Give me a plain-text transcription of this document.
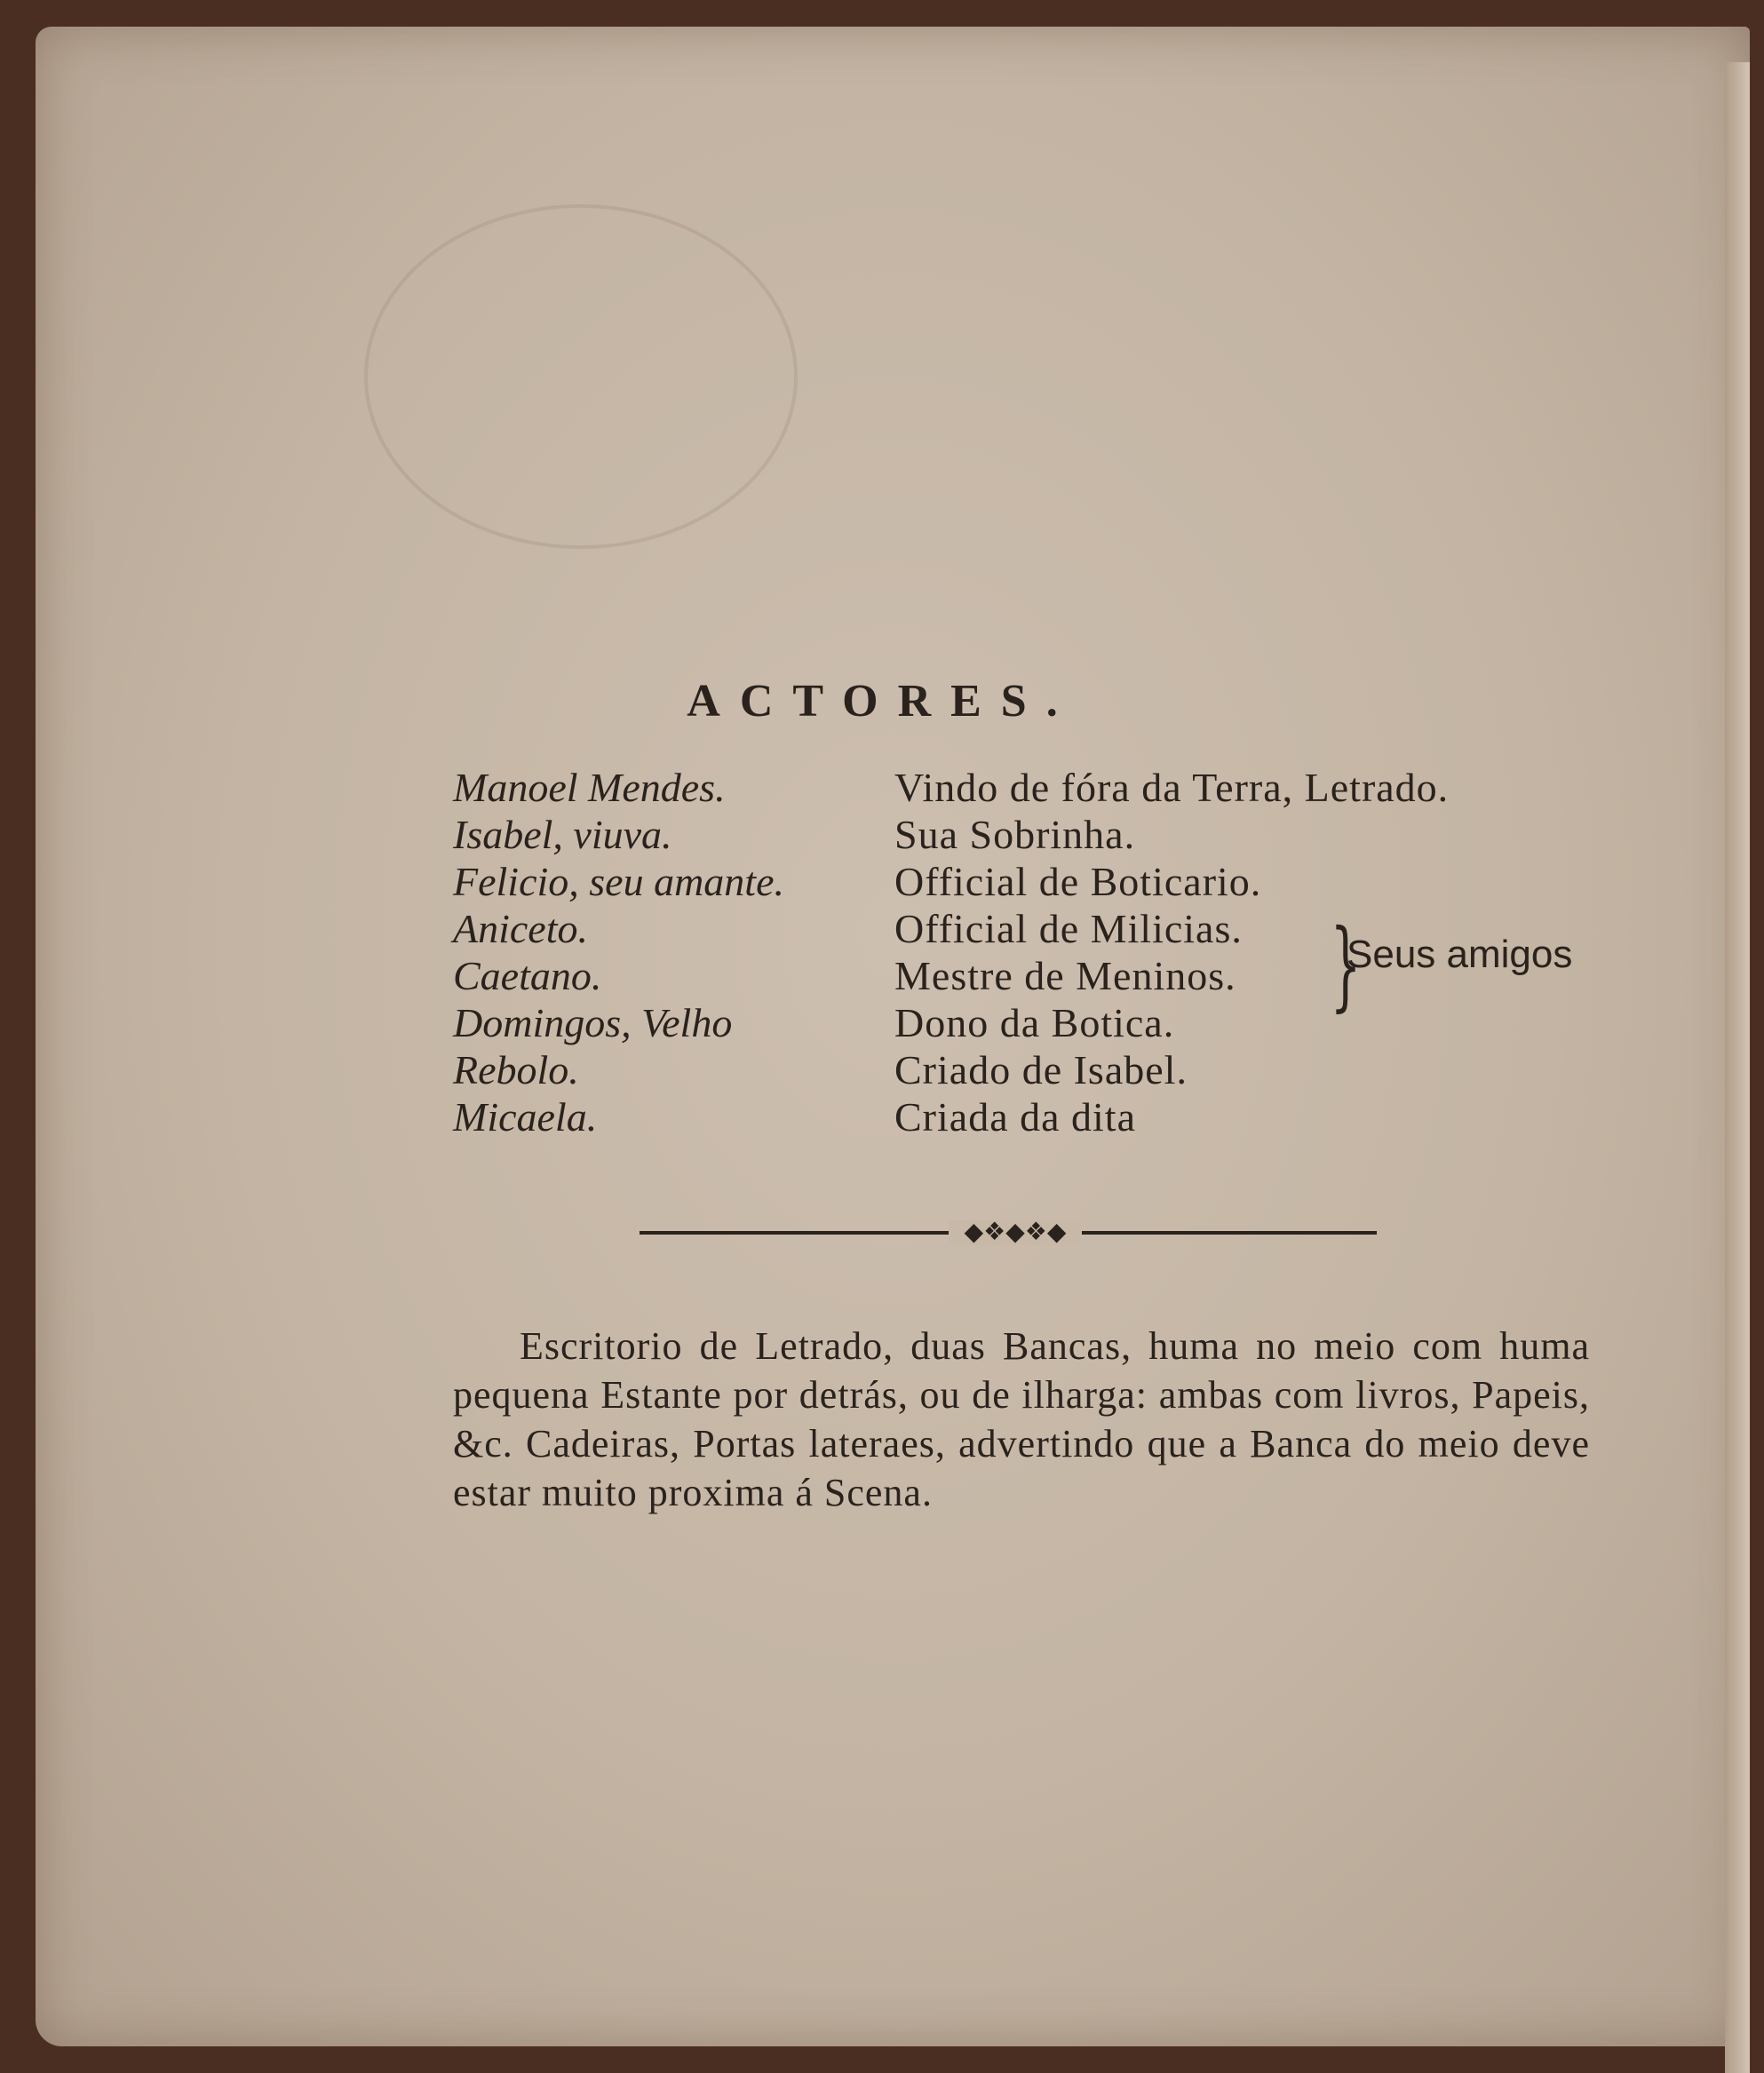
ACTORES.
Manoel Mendes.	Vindo de fóra da Terra, Letrado.
Isabel, viuva.	Sua Sobrinha.
Felicio, seu amante.	Official de Boticario.
Aniceto.	Official de Milicias.
Caetano.	Mestre de Meninos.
Domingos, Velho	Dono da Botica.
Rebolo.	Criado de Isabel.
Micaela.	Criada da dita
}
Seus amigos
◆❖◆❖◆
Escritorio de Letrado, duas Bancas, huma no meio com huma pequena Estante por detrás, ou de ilharga: ambas com livros, Papeis, &c. Cadeiras, Portas lateraes, advertindo que a Banca do meio deve estar muito proxima á Scena.
